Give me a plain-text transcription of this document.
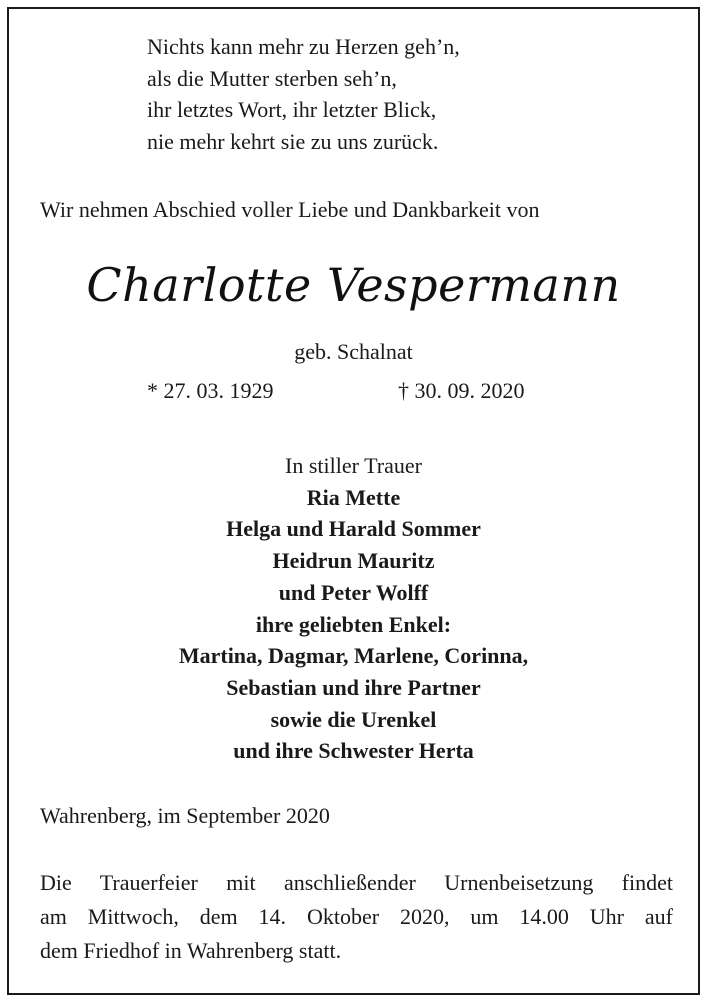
Nichts kann mehr zu Herzen geh’n,
als die Mutter sterben seh’n,
ihr letztes Wort, ihr letzter Blick,
nie mehr kehrt sie zu uns zurück.
Wir nehmen Abschied voller Liebe und Dankbarkeit von
Charlotte Vespermann
geb. Schalnat
* 27. 03. 1929	† 30. 09. 2020
In stiller Trauer
Ria Mette
Helga und Harald Sommer
Heidrun Mauritz
und Peter Wolff
ihre geliebten Enkel:
Martina, Dagmar, Marlene, Corinna,
Sebastian und ihre Partner
sowie die Urenkel
und ihre Schwester Herta
Wahrenberg, im September 2020
Die Trauerfeier mit anschließender Urnenbeisetzung findet
am Mittwoch, dem 14. Oktober 2020, um 14.00 Uhr auf
dem Friedhof in Wahrenberg statt.
